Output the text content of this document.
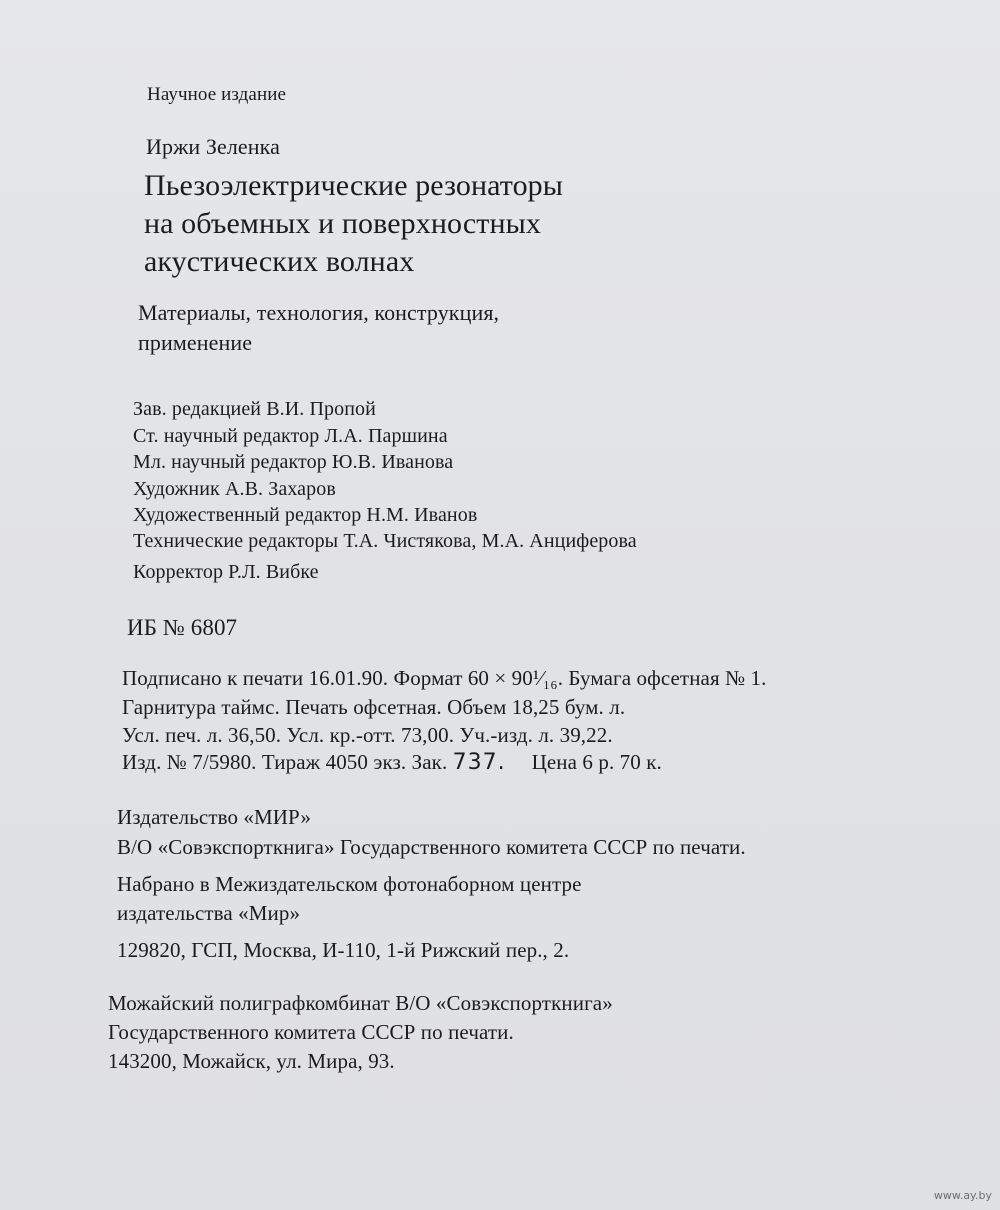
Научное издание
Иржи Зеленка
Пьезоэлектрические резонаторы
на объемных и поверхностных
акустических волнах
Материалы, технология, конструкция,
применение
Зав. редакцией В.И. Пропой
Ст. научный редактор Л.А. Паршина
Мл. научный редактор Ю.В. Иванова
Художник А.В. Захаров
Художественный редактор Н.М. Иванов
Технические редакторы Т.А. Чистякова, М.А. Анциферова
Корректор Р.Л. Вибке
ИБ № 6807
Подписано к печати 16.01.90. Формат 60 × 90¹⁄₁₆. Бумага офсетная № 1.
Гарнитура таймс. Печать офсетная. Объем 18,25 бум. л.
Усл. печ. л. 36,50. Усл. кр.-отт. 73,00. Уч.-изд. л. 39,22.
Изд. № 7/5980. Тираж 4050 экз. Зак. 737. Цена 6 р. 70 к.
Издательство «МИР»
В/О «Совэкспорткнига» Государственного комитета СССР по печати.
Набрано в Межиздательском фотонаборном центре
издательства «Мир»
129820, ГСП, Москва, И-110, 1-й Рижский пер., 2.
Можайский полиграфкомбинат В/О «Совэкспорткнига»
Государственного комитета СССР по печати.
143200, Можайск, ул. Мира, 93.
www.ay.by
